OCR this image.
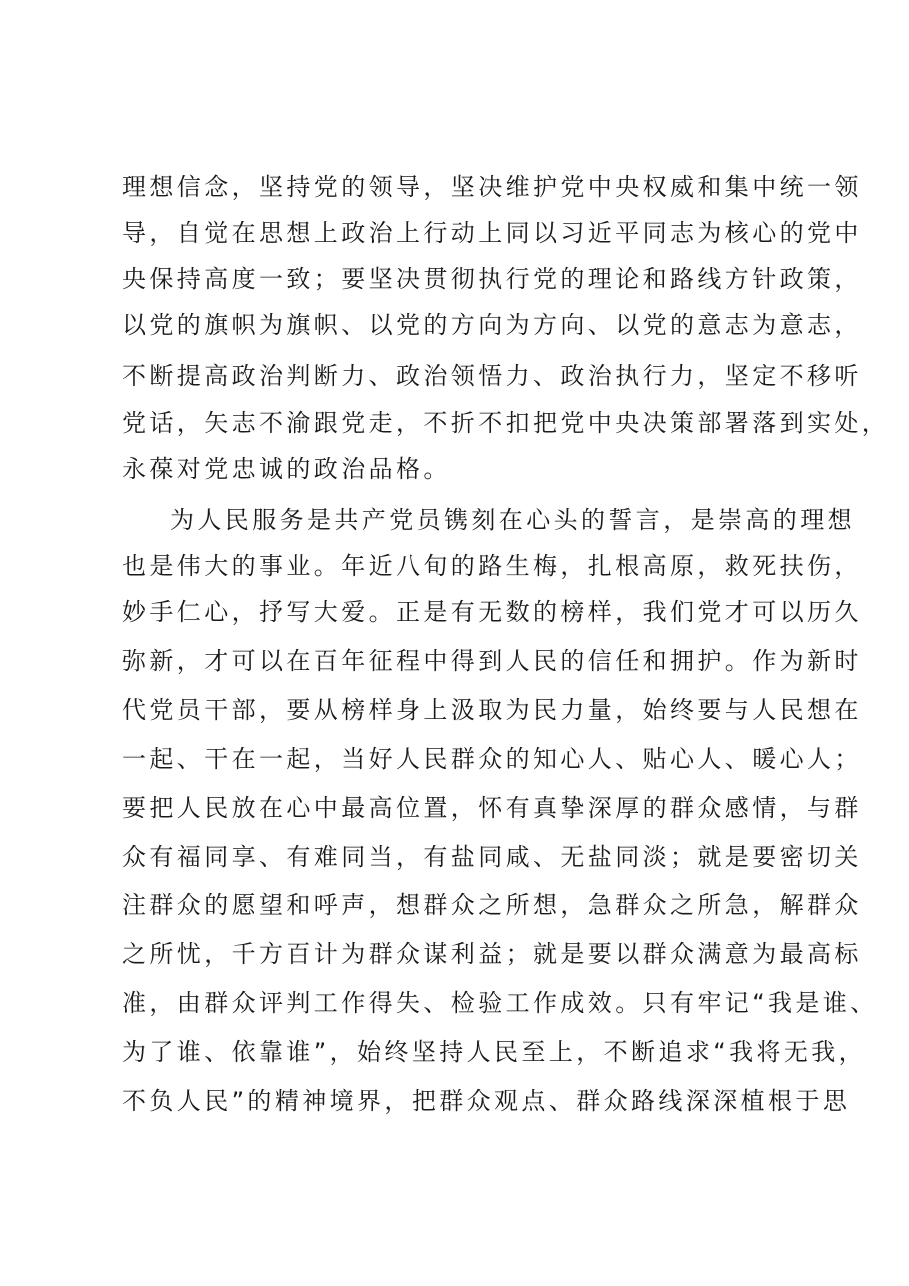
理想信念，坚持党的领导，坚决维护党中央权威和集中统一领
导，自觉在思想上政治上行动上同以习近平同志为核心的党中
央保持高度一致；要坚决贯彻执行党的理论和路线方针政策，
以党的旗帜为旗帜、以党的方向为方向、以党的意志为意志，
不断提高政治判断力、政治领悟力、政治执行力，坚定不移听
党话，矢志不渝跟党走，不折不扣把党中央决策部署落到实处，
永葆对党忠诚的政治品格。
为人民服务是共产党员镌刻在心头的誓言，是崇高的理想
也是伟大的事业。年近八旬的路生梅，扎根高原，救死扶伤，
妙手仁心，抒写大爱。正是有无数的榜样，我们党才可以历久
弥新，才可以在百年征程中得到人民的信任和拥护。作为新时
代党员干部，要从榜样身上汲取为民力量，始终要与人民想在
一起、干在一起，当好人民群众的知心人、贴心人、暖心人；
要把人民放在心中最高位置，怀有真挚深厚的群众感情，与群
众有福同享、有难同当，有盐同咸、无盐同淡；就是要密切关
注群众的愿望和呼声，想群众之所想，急群众之所急，解群众
之所忧，千方百计为群众谋利益；就是要以群众满意为最高标
准，由群众评判工作得失、检验工作成效。只有牢记“我是谁、
为了谁、依靠谁”，始终坚持人民至上，不断追求“我将无我，
不负人民”的精神境界，把群众观点、群众路线深深植根于思
